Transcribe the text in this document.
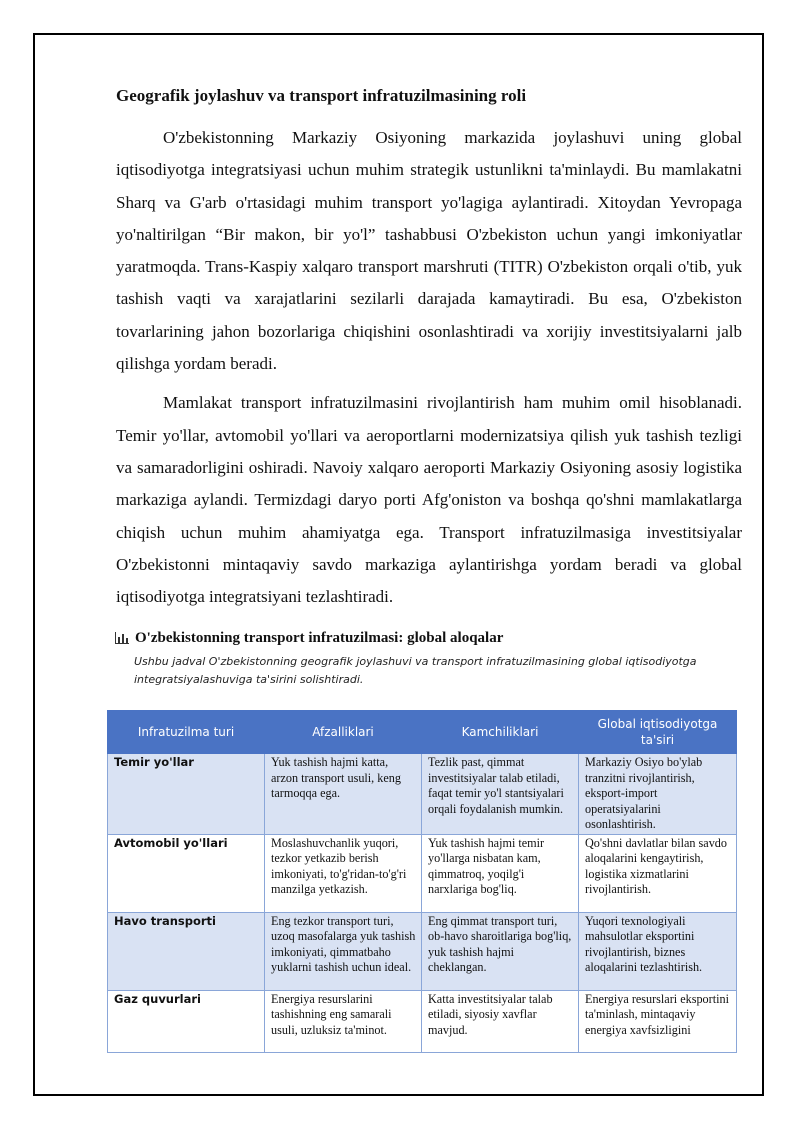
Geografik joylashuv va transport infratuzilmasining roli

O'zbekistonning Markaziy Osiyoning markazida joylashuvi uning global iqtisodiyotga integratsiyasi uchun muhim strategik ustunlikni ta'minlaydi. Bu mamlakatni Sharq va G'arb o'rtasidagi muhim transport yo'lagiga aylantiradi. Xitoydan Yevropaga yo'naltirilgan “Bir makon, bir yo'l” tashabbusi O'zbekiston uchun yangi imkoniyatlar yaratmoqda. Trans-Kaspiy xalqaro transport marshruti (TITR) O'zbekiston orqali o'tib, yuk tashish vaqti va xarajatlarini sezilarli darajada kamaytiradi. Bu esa, O'zbekiston tovarlarining jahon bozorlariga chiqishini osonlashtiradi va xorijiy investitsiyalarni jalb qilishga yordam beradi.

Mamlakat transport infratuzilmasini rivojlantirish ham muhim omil hisoblanadi. Temir yo'llar, avtomobil yo'llari va aeroportlarni modernizatsiya qilish yuk tashish tezligi va samaradorligini oshiradi. Navoiy xalqaro aeroporti Markaziy Osiyoning asosiy logistika markaziga aylandi. Termizdagi daryo porti Afg'oniston va boshqa qo'shni mamlakatlarga chiqish uchun muhim ahamiyatga ega. Transport infratuzilmasiga investitsiyalar O'zbekistonni mintaqaviy savdo markaziga aylantirishga yordam beradi va global iqtisodiyotga integratsiyani tezlashtiradi.

O'zbekistonning transport infratuzilmasi: global aloqalar
Ushbu jadval O'zbekistonning geografik joylashuvi va transport infratuzilmasining global iqtisodiyotga integratsiyalashuviga ta'sirini solishtiradi.
Infratuzilma turi	Afzalliklari	Kamchiliklari	Global iqtisodiyotga ta'siri
Temir yo'llar	Yuk tashish hajmi katta, arzon transport usuli, keng tarmoqqa ega.	Tezlik past, qimmat investitsiyalar talab etiladi, faqat temir yo'l stantsiyalari orqali foydalanish mumkin.	Markaziy Osiyo bo'ylab tranzitni rivojlantirish, eksport-import operatsiyalarini osonlashtirish.
Avtomobil yo'llari	Moslashuvchanlik yuqori, tezkor yetkazib berish imkoniyati, to'g'ridan-to'g'ri manzilga yetkazish.	Yuk tashish hajmi temir yo'llarga nisbatan kam, qimmatroq, yoqilg'i narxlariga bog'liq.	Qo'shni davlatlar bilan savdo aloqalarini kengaytirish, logistika xizmatlarini rivojlantirish.
Havo transporti	Eng tezkor transport turi, uzoq masofalarga yuk tashish imkoniyati, qimmatbaho yuklarni tashish uchun ideal.	Eng qimmat transport turi, ob-havo sharoitlariga bog'liq, yuk tashish hajmi cheklangan.	Yuqori texnologiyali mahsulotlar eksportini rivojlantirish, biznes aloqalarini tezlashtirish.
Gaz quvurlari	Energiya resurslarini tashishning eng samarali usuli, uzluksiz ta'minot.	Katta investitsiyalar talab etiladi, siyosiy xavflar mavjud.	Energiya resurslari eksportini ta'minlash, mintaqaviy energiya xavfsizligini
